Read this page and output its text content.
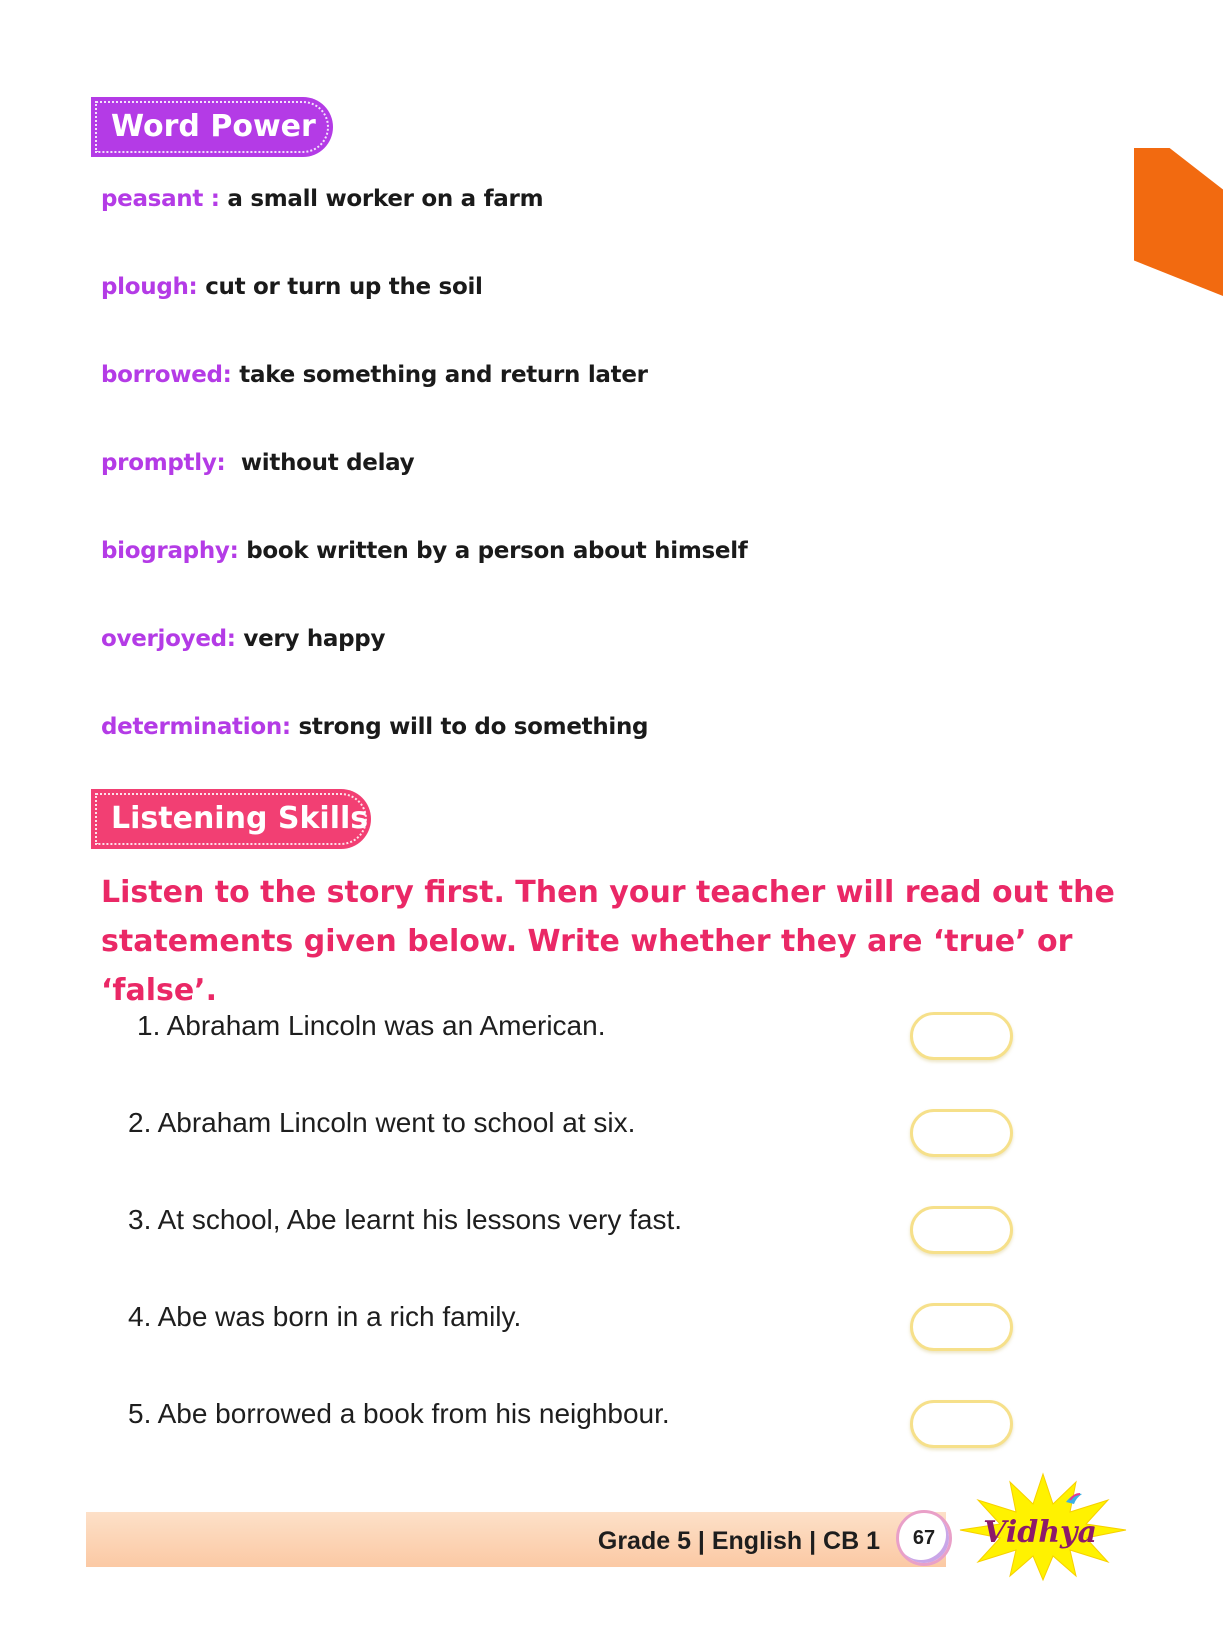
Word Power
peasant : a small worker on a farm
plough: cut or turn up the soil
borrowed: take something and return later
promptly: without delay
biography: book written by a person about himself
overjoyed: very happy
determination: strong will to do something
Listening Skills
Listen to the story first. Then your teacher will read out the statements given below. Write whether they are ‘true’ or ‘false’.
1. Abraham Lincoln was an American.
2. Abraham Lincoln went to school at six.
3. At school, Abe learnt his lessons very fast.
4. Abe was born in a rich family.
5. Abe borrowed a book from his neighbour.
Grade 5 | English | CB 1	67	Vidhya
